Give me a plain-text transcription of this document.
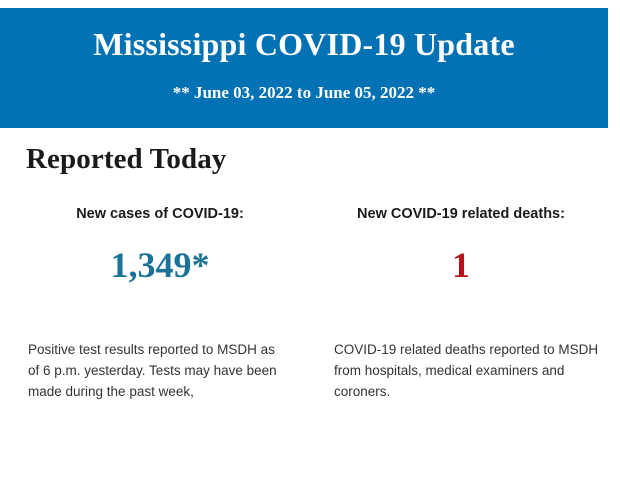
Mississippi COVID-19 Update
** June 03, 2022 to June 05, 2022 **
Reported Today
New cases of COVID-19:
1,349*
Positive test results reported to MSDH as of 6 p.m. yesterday. Tests may have been made during the past week,
New COVID-19 related deaths:
1
COVID-19 related deaths reported to MSDH from hospitals, medical examiners and coroners.
